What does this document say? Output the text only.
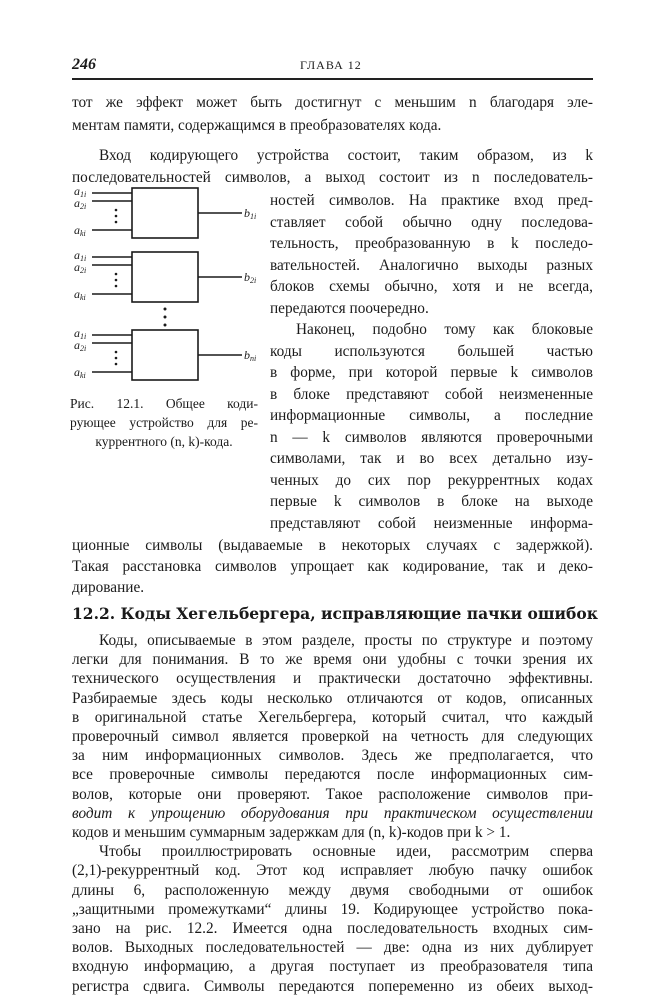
246	ГЛАВА 12
тот же эффект может быть достигнут с меньшим n благодаря эле-
ментам памяти, содержащимся в преобразователях кода.
Вход кодирующего устройства состоит, таким образом, из k
последовательностей символов, а выход состоит из n последователь-
ностей символов. На практике вход пред-
ставляет собой обычно одну последова-
тельность, преобразованную в k последо-
вательностей. Аналогично выходы разных
блоков схемы обычно, хотя и не всегда,
передаются поочередно.
Наконец, подобно тому как блоковые
коды используются большей частью
в форме, при которой первые k символов
в блоке представяют собой неизмененные
информационные символы, а последние
n — k символов являются проверочными
символами, так и во всех детально изу-
ченных до сих пор рекуррентных кодах
первые k символов в блоке на выходе
представляют собой неизменные информа-
ционные символы (выдаваемые в некоторых случаях с задержкой).
Такая расстановка символов упрощает как кодирование, так и деко-
дирование.
a1i
a2i
aki
b1i
a1i
a2i
aki
b2i
a1i
a2i
aki
bni
Рис. 12.1. Общее коди-
рующее устройство для ре-
куррентного (n, k)-кода.
12.2. Коды Хегельбергера, исправляющие пачки ошибок
Коды, описываемые в этом разделе, просты по структуре и поэтому
легки для понимания. В то же время они удобны с точки зрения их
технического осуществления и практически достаточно эффективны.
Разбираемые здесь коды несколько отличаются от кодов, описанных
в оригинальной статье Хегельбергера, который считал, что каждый
проверочный символ является проверкой на четность для следующих
за ним информационных символов. Здесь же предполагается, что
все проверочные символы передаются после информационных сим-
волов, которые они проверяют. Такое расположение символов при-
водит к упрощению оборудования при практическом осуществлении
кодов и меньшим суммарным задержкам для (n, k)-кодов при k > 1.
Чтобы проиллюстрировать основные идеи, рассмотрим сперва
(2,1)-рекуррентный код. Этот код исправляет любую пачку ошибок
длины 6, расположенную между двумя свободными от ошибок
„защитными промежутками“ длины 19. Кодирующее устройство пока-
зано на рис. 12.2. Имеется одна последовательность входных сим-
волов. Выходных последовательностей — две: одна из них дублирует
входную информацию, а другая поступает из преобразователя типа
регистра сдвига. Символы передаются попеременно из обеих выход-
